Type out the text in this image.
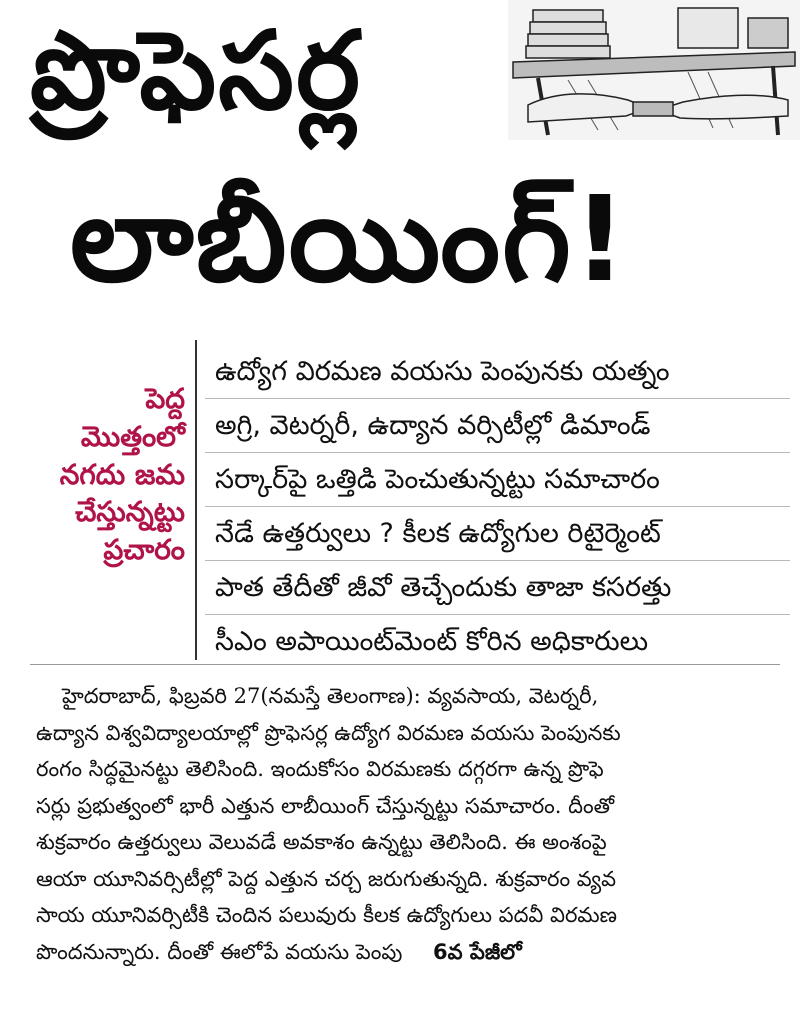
ప్రొఫెసర్ల
లాబీయింగ్!
పెద్ద
మొత్తంలో
నగదు జమ
చేస్తున్నట్టు
ప్రచారం
ఉద్యోగ విరమణ వయసు పెంపునకు యత్నం
అగ్రి, వెటర్నరీ, ఉద్యాన వర్సిటీల్లో డిమాండ్
సర్కార్‌పై ఒత్తిడి పెంచుతున్నట్టు సమాచారం
నేడే ఉత్తర్వులు ? కీలక ఉద్యోగుల రిటైర్మెంట్
పాత తేదీతో జీవో తెచ్చేందుకు తాజా కసరత్తు
సీఎం అపాయింట్‌మెంట్ కోరిన అధికారులు
హైదరాబాద్, ఫిబ్రవరి 27(నమస్తే తెలంగాణ): వ్యవసాయ, వెటర్నరీ,
ఉద్యాన విశ్వవిద్యాలయాల్లో ప్రొఫెసర్ల ఉద్యోగ విరమణ వయసు పెంపునకు
రంగం సిద్ధమైనట్టు తెలిసింది. ఇందుకోసం విరమణకు దగ్గరగా ఉన్న ప్రొఫె
సర్లు ప్రభుత్వంలో భారీ ఎత్తున లాబీయింగ్ చేస్తున్నట్టు సమాచారం. దీంతో
శుక్రవారం ఉత్తర్వులు వెలువడే అవకాశం ఉన్నట్టు తెలిసింది. ఈ అంశంపై
ఆయా యూనివర్సిటీల్లో పెద్ద ఎత్తున చర్చ జరుగుతున్నది. శుక్రవారం వ్యవ
సాయ యూనివర్సిటీకి చెందిన పలువురు కీలక ఉద్యోగులు పదవీ విరమణ
పొందనున్నారు. దీంతో ఈలోపే వయసు పెంపు 6వ పేజీలో
